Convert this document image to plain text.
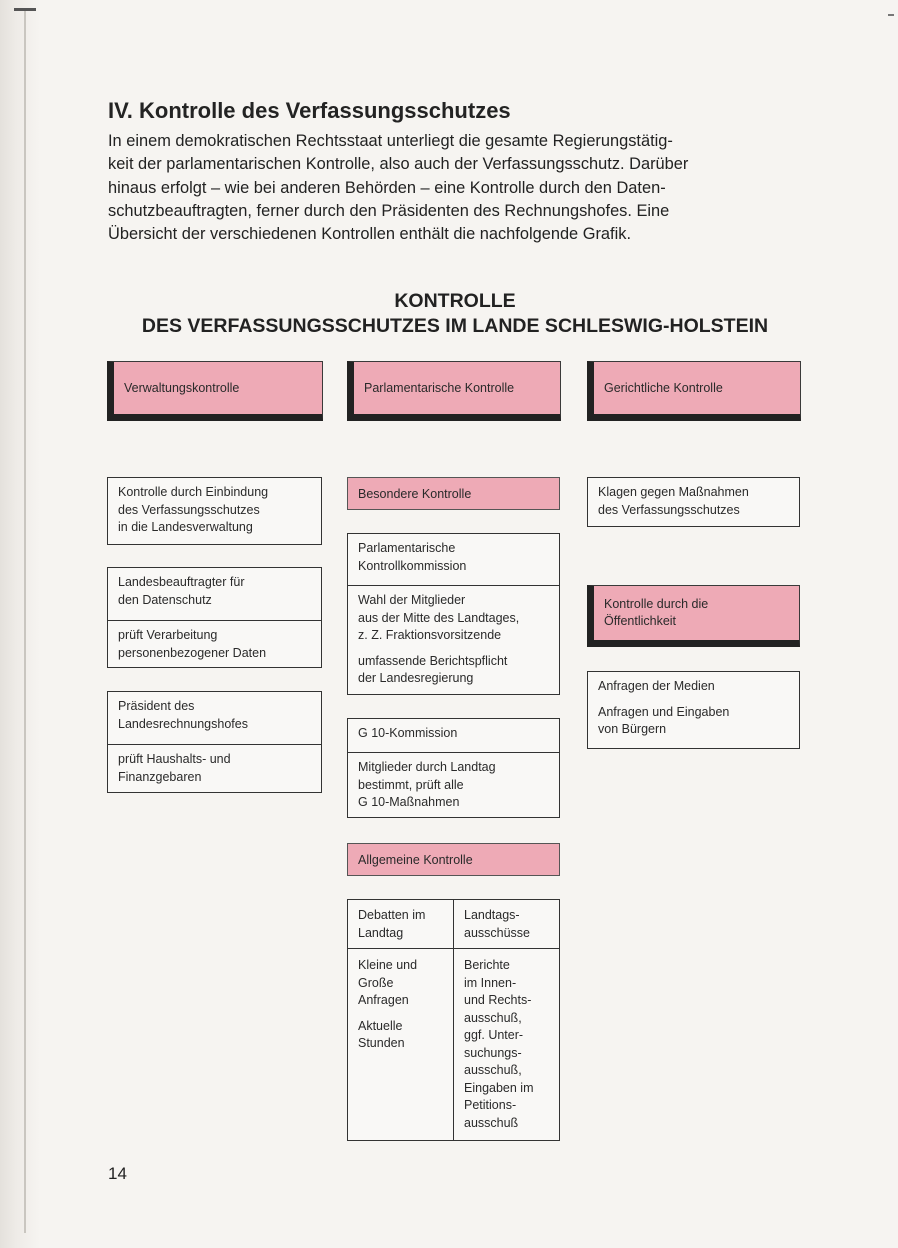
IV. Kontrolle des Verfassungsschutzes

In einem demokratischen Rechtsstaat unterliegt die gesamte Regierungstätig-
keit der parlamentarischen Kontrolle, also auch der Verfassungsschutz. Darüber
hinaus erfolgt – wie bei anderen Behörden – eine Kontrolle durch den Daten-
schutzbeauftragten, ferner durch den Präsidenten des Rechnungshofes. Eine
Übersicht der verschiedenen Kontrollen enthält die nachfolgende Grafik.

KONTROLLE
DES VERFASSUNGSSCHUTZES IM LANDE SCHLESWIG-HOLSTEIN
Verwaltungskontrolle	Parlamentarische Kontrolle	Gerichtliche Kontrolle
Kontrolle durch Einbindung
des Verfassungsschutzes
in die Landesverwaltung
Landesbeauftragter für
den Datenschutz
prüft Verarbeitung
personenbezogener Daten
Präsident des
Landesrechnungshofes
prüft Haushalts- und
Finanzgebaren
Besondere Kontrolle
Parlamentarische
Kontrollkommission
Wahl der Mitglieder
aus der Mitte des Landtages,
z. Z. Fraktionsvorsitzende
umfassende Berichtspflicht
der Landesregierung
G 10-Kommission
Mitglieder durch Landtag
bestimmt, prüft alle
G 10-Maßnahmen
Allgemeine Kontrolle
Debatten im
Landtag
Landtags-
ausschüsse
Kleine und
Große
Anfragen
Aktuelle
Stunden
Berichte
im Innen-
und Rechts-
ausschuß,
ggf. Unter-
suchungs-
ausschuß,
Eingaben im
Petitions-
ausschuß
Klagen gegen Maßnahmen
des Verfassungsschutzes
Kontrolle durch die
Öffentlichkeit
Anfragen der Medien
Anfragen und Eingaben
von Bürgern
14
